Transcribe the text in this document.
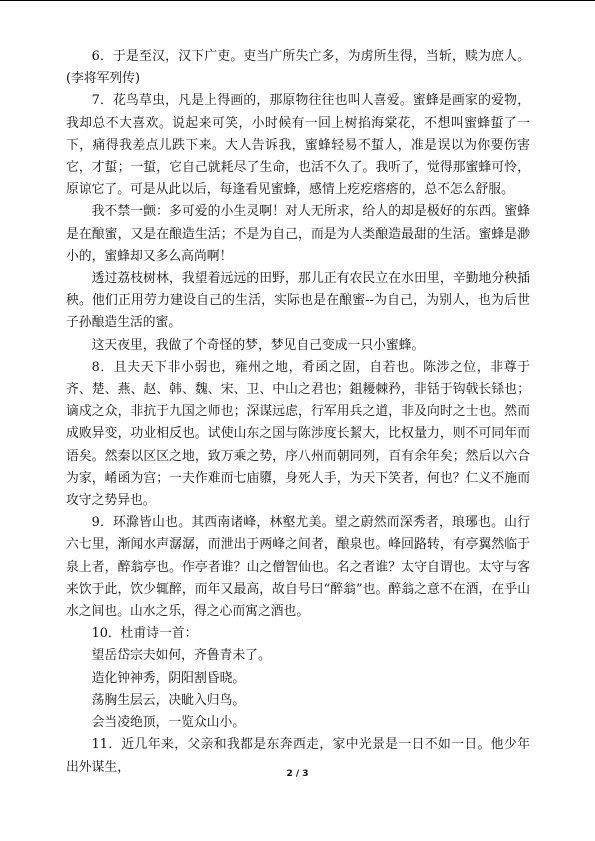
6．于是至汉，汉下广吏。吏当广所失亡多，为虏所生得，当斩，赎为庶人。(李将军列传)

7．花鸟草虫，凡是上得画的，那原物往往也叫人喜爱。蜜蜂是画家的爱物，我却总不大喜欢。说起来可笑，小时候有一回上树掐海棠花，不想叫蜜蜂蜇了一下，痛得我差点儿跌下来。大人告诉我，蜜蜂轻易不蜇人，准是误以为你要伤害它，才蜇；一蜇，它自己就耗尽了生命，也活不久了。我听了，觉得那蜜蜂可怜，原谅它了。可是从此以后，每逢看见蜜蜂，感情上疙疙瘩瘩的，总不怎么舒服。

我不禁一颤：多可爱的小生灵啊！对人无所求，给人的却是极好的东西。蜜蜂是在酿蜜，又是在酿造生活；不是为自己，而是为人类酿造最甜的生活。蜜蜂是渺小的，蜜蜂却又多么高尚啊！

透过荔枝树林，我望着远远的田野，那儿正有农民立在水田里，辛勤地分秧插秧。他们正用劳力建设自己的生活，实际也是在酿蜜--为自己，为别人，也为后世子孙酿造生活的蜜。

这天夜里，我做了个奇怪的梦，梦见自己变成一只小蜜蜂。

8．且夫天下非小弱也，雍州之地，肴函之固，自若也。陈涉之位，非尊于齐、楚、燕、赵、韩、魏、宋、卫、中山之君也；鉏耰棘矜，非铦于钩戟长铩也；谪戍之众，非抗于九国之师也；深谋远虑，行军用兵之道，非及向时之士也。然而成败异变，功业相反也。试使山东之国与陈涉度长絜大，比权量力，则不可同年而语矣。然秦以区区之地，致万乘之势，序八州而朝同列，百有余年矣；然后以六合为家，崤函为宫；一夫作难而七庙隳，身死人手，为天下笑者，何也？仁义不施而攻守之势异也。

9．环滁皆山也。其西南诸峰，林壑尤美。望之蔚然而深秀者，琅琊也。山行六七里，渐闻水声潺潺，而泄出于两峰之间者，酿泉也。峰回路转，有亭翼然临于泉上者，醉翁亭也。作亭者谁？山之僧智仙也。名之者谁？太守自谓也。太守与客来饮于此，饮少辄醉，而年又最高，故自号曰“醉翁”也。醉翁之意不在酒，在乎山水之间也。山水之乐，得之心而寓之酒也。

10．杜甫诗一首：

望岳岱宗夫如何，齐鲁青未了。

造化钟神秀，阴阳割昏晓。

荡胸生层云，决眦入归鸟。

会当凌绝顶，一览众山小。

11．近几年来，父亲和我都是东奔西走，家中光景是一日不如一日。他少年出外谋生，	2 / 3
